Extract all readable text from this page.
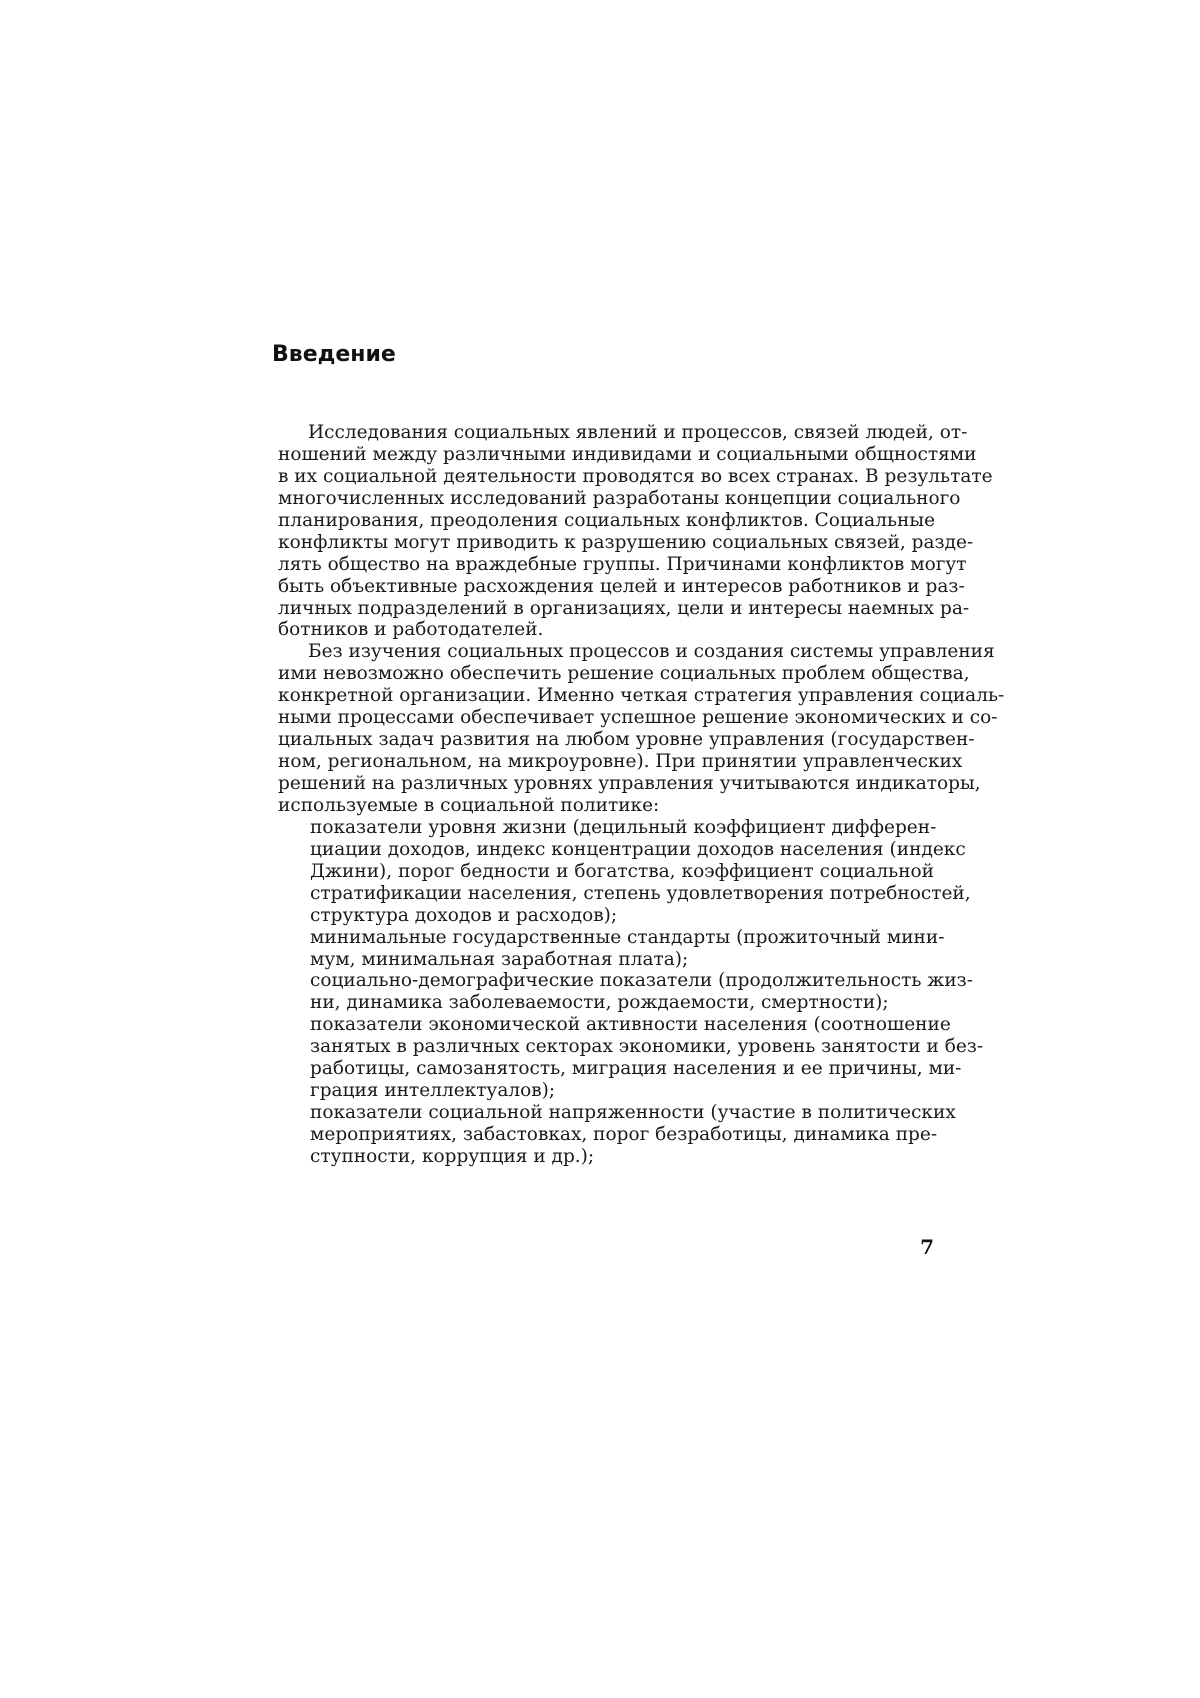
Введение

Исследования социальных явлений и процессов, связей людей, от-
ношений между различными индивидами и социальными общностями
в их социальной деятельности проводятся во всех странах. В результате
многочисленных исследований разработаны концепции социального
планирования, преодоления социальных конфликтов. Социальные
конфликты могут приводить к разрушению социальных связей, разде-
лять общество на враждебные группы. Причинами конфликтов могут
быть объективные расхождения целей и интересов работников и раз-
личных подразделений в организациях, цели и интересы наемных ра-
ботников и работодателей.

Без изучения социальных процессов и создания системы управления
ими невозможно обеспечить решение социальных проблем общества,
конкретной организации. Именно четкая стратегия управления социаль-
ными процессами обеспечивает успешное решение экономических и со-
циальных задач развития на любом уровне управления (государствен-
ном, региональном, на микроуровне). При принятии управленческих
решений на различных уровнях управления учитываются индикаторы,
используемые в социальной политике:

показатели уровня жизни (децильный коэффициент дифферен-
циации доходов, индекс концентрации доходов населения (индекс
Джини), порог бедности и богатства, коэффициент социальной
стратификации населения, степень удовлетворения потребностей,
структура доходов и расходов);
минимальные государственные стандарты (прожиточный мини-
мум, минимальная заработная плата);
социально-демографические показатели (продолжительность жиз-
ни, динамика заболеваемости, рождаемости, смертности);
показатели экономической активности населения (соотношение
занятых в различных секторах экономики, уровень занятости и без-
работицы, самозанятость, миграция населения и ее причины, ми-
грация интеллектуалов);
показатели социальной напряженности (участие в политических
мероприятиях, забастовках, порог безработицы, динамика пре-
ступности, коррупция и др.);
7
